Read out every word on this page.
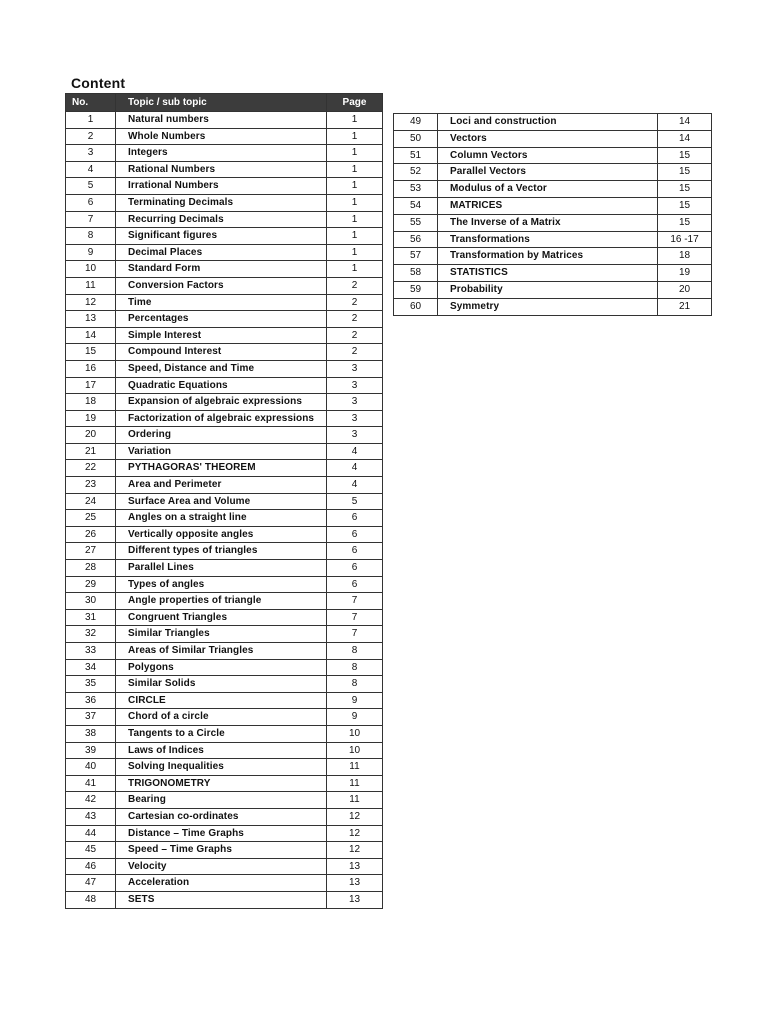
Content
No.	Topic / sub topic	Page
1	Natural numbers	1
2	Whole Numbers	1
3	Integers	1
4	Rational Numbers	1
5	Irrational Numbers	1
6	Terminating Decimals	1
7	Recurring Decimals	1
8	Significant figures	1
9	Decimal Places	1
10	Standard Form	1
11	Conversion Factors	2
12	Time	2
13	Percentages	2
14	Simple Interest	2
15	Compound Interest	2
16	Speed, Distance and Time	3
17	Quadratic Equations	3
18	Expansion of algebraic expressions	3
19	Factorization of algebraic expressions	3
20	Ordering	3
21	Variation	4
22	PYTHAGORAS' THEOREM	4
23	Area and Perimeter	4
24	Surface Area and Volume	5
25	Angles on a straight line	6
26	Vertically opposite angles	6
27	Different types of triangles	6
28	Parallel Lines	6
29	Types of angles	6
30	Angle properties of triangle	7
31	Congruent Triangles	7
32	Similar Triangles	7
33	Areas of Similar Triangles	8
34	Polygons	8
35	Similar Solids	8
36	CIRCLE	9
37	Chord of a circle	9
38	Tangents to a Circle	10
39	Laws of Indices	10
40	Solving Inequalities	11
41	TRIGONOMETRY	11
42	Bearing	11
43	Cartesian co-ordinates	12
44	Distance – Time Graphs	12
45	Speed – Time Graphs	12
46	Velocity	13
47	Acceleration	13
48	SETS	13
49	Loci and construction	14
50	Vectors	14
51	Column Vectors	15
52	Parallel Vectors	15
53	Modulus of a Vector	15
54	MATRICES	15
55	The Inverse of a Matrix	15
56	Transformations	16 -17
57	Transformation by Matrices	18
58	STATISTICS	19
59	Probability	20
60	Symmetry	21
